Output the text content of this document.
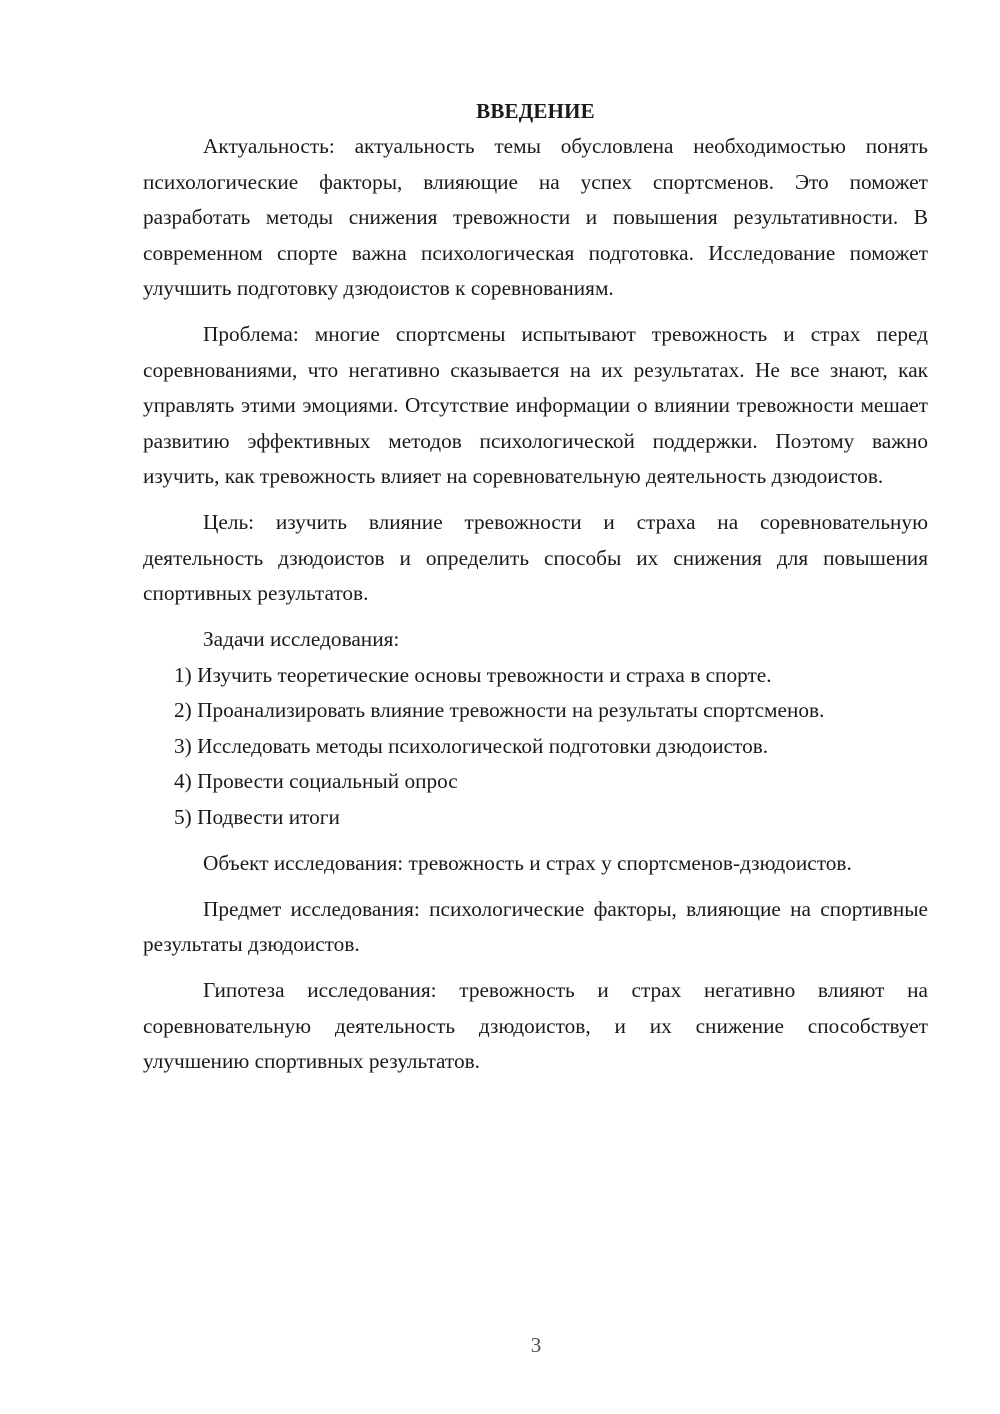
ВВЕДЕНИЕ

Актуальность: актуальность темы обусловлена необходимостью понять психологические факторы, влияющие на успех спортсменов. Это поможет разработать методы снижения тревожности и повышения результативности. В современном спорте важна психологическая подготовка. Исследование поможет улучшить подготовку дзюдоистов к соревнованиям.

Проблема: многие спортсмены испытывают тревожность и страх перед соревнованиями, что негативно сказывается на их результатах. Не все знают, как управлять этими эмоциями. Отсутствие информации о влиянии тревожности мешает развитию эффективных методов психологической поддержки. Поэтому важно изучить, как тревожность влияет на соревновательную деятельность дзюдоистов.

Цель: изучить влияние тревожности и страха на соревновательную деятельность дзюдоистов и определить способы их снижения для повышения спортивных результатов.

Задачи исследования:

1) Изучить теоретические основы тревожности и страха в спорте.

2) Проанализировать влияние тревожности на результаты спортсменов.

3) Исследовать методы психологической подготовки дзюдоистов.

4) Провести социальный опрос

5) Подвести итоги

Объект исследования: тревожность и страх у спортсменов-дзюдоистов.

Предмет исследования: психологические факторы, влияющие на спортивные результаты дзюдоистов.

Гипотеза исследования: тревожность и страх негативно влияют на соревновательную деятельность дзюдоистов, и их снижение способствует улучшению спортивных результатов.

3
